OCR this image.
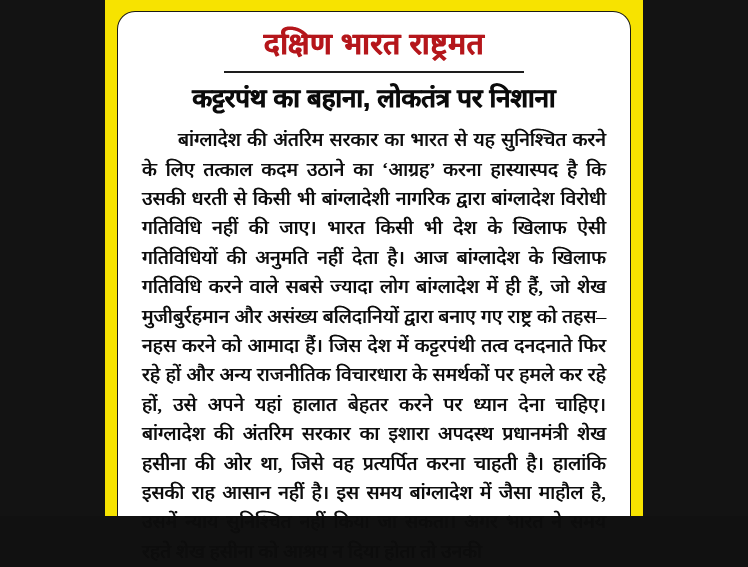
दक्षिण भारत राष्ट्रमत
कट्टरपंथ का बहाना, लोकतंत्र पर निशाना

बांग्लादेश की अंतरिम सरकार का भारत से यह सुनिश्चित करने के लिए तत्काल कदम उठाने का ‘आग्रह’ करना हास्यास्पद है कि उसकी धरती से किसी भी बांग्लादेशी नागरिक द्वारा बांग्लादेश विरोधी गतिविधि नहीं की जाए। भारत किसी भी देश के खिलाफ ऐसी गतिविधियों की अनुमति नहीं देता है। आज बांग्लादेश के खिलाफ गतिविधि करने वाले सबसे ज्यादा लोग बांग्लादेश में ही हैं, जो शेख मुजीबुर्रहमान और असंख्य बलिदानियों द्वारा बनाए गए राष्ट्र को तहस–नहस करने को आमादा हैं। जिस देश में कट्टरपंथी तत्व दनदनाते फिर रहे हों और अन्य राजनीतिक विचारधारा के समर्थकों पर हमले कर रहे हों, उसे अपने यहां हालात बेहतर करने पर ध्यान देना चाहिए। बांग्लादेश की अंतरिम सरकार का इशारा अपदस्थ प्रधानमंत्री शेख हसीना की ओर था, जिसे वह प्रत्यर्पित करना चाहती है। हालांकि इसकी राह आसान नहीं है। इस समय बांग्लादेश में जैसा माहौल है, उसमें न्याय सुनिश्चित नहीं किया जा सकता। अगर भारत ने समय रहते शेख हसीना को आश्रय न दिया होता तो उनकी
